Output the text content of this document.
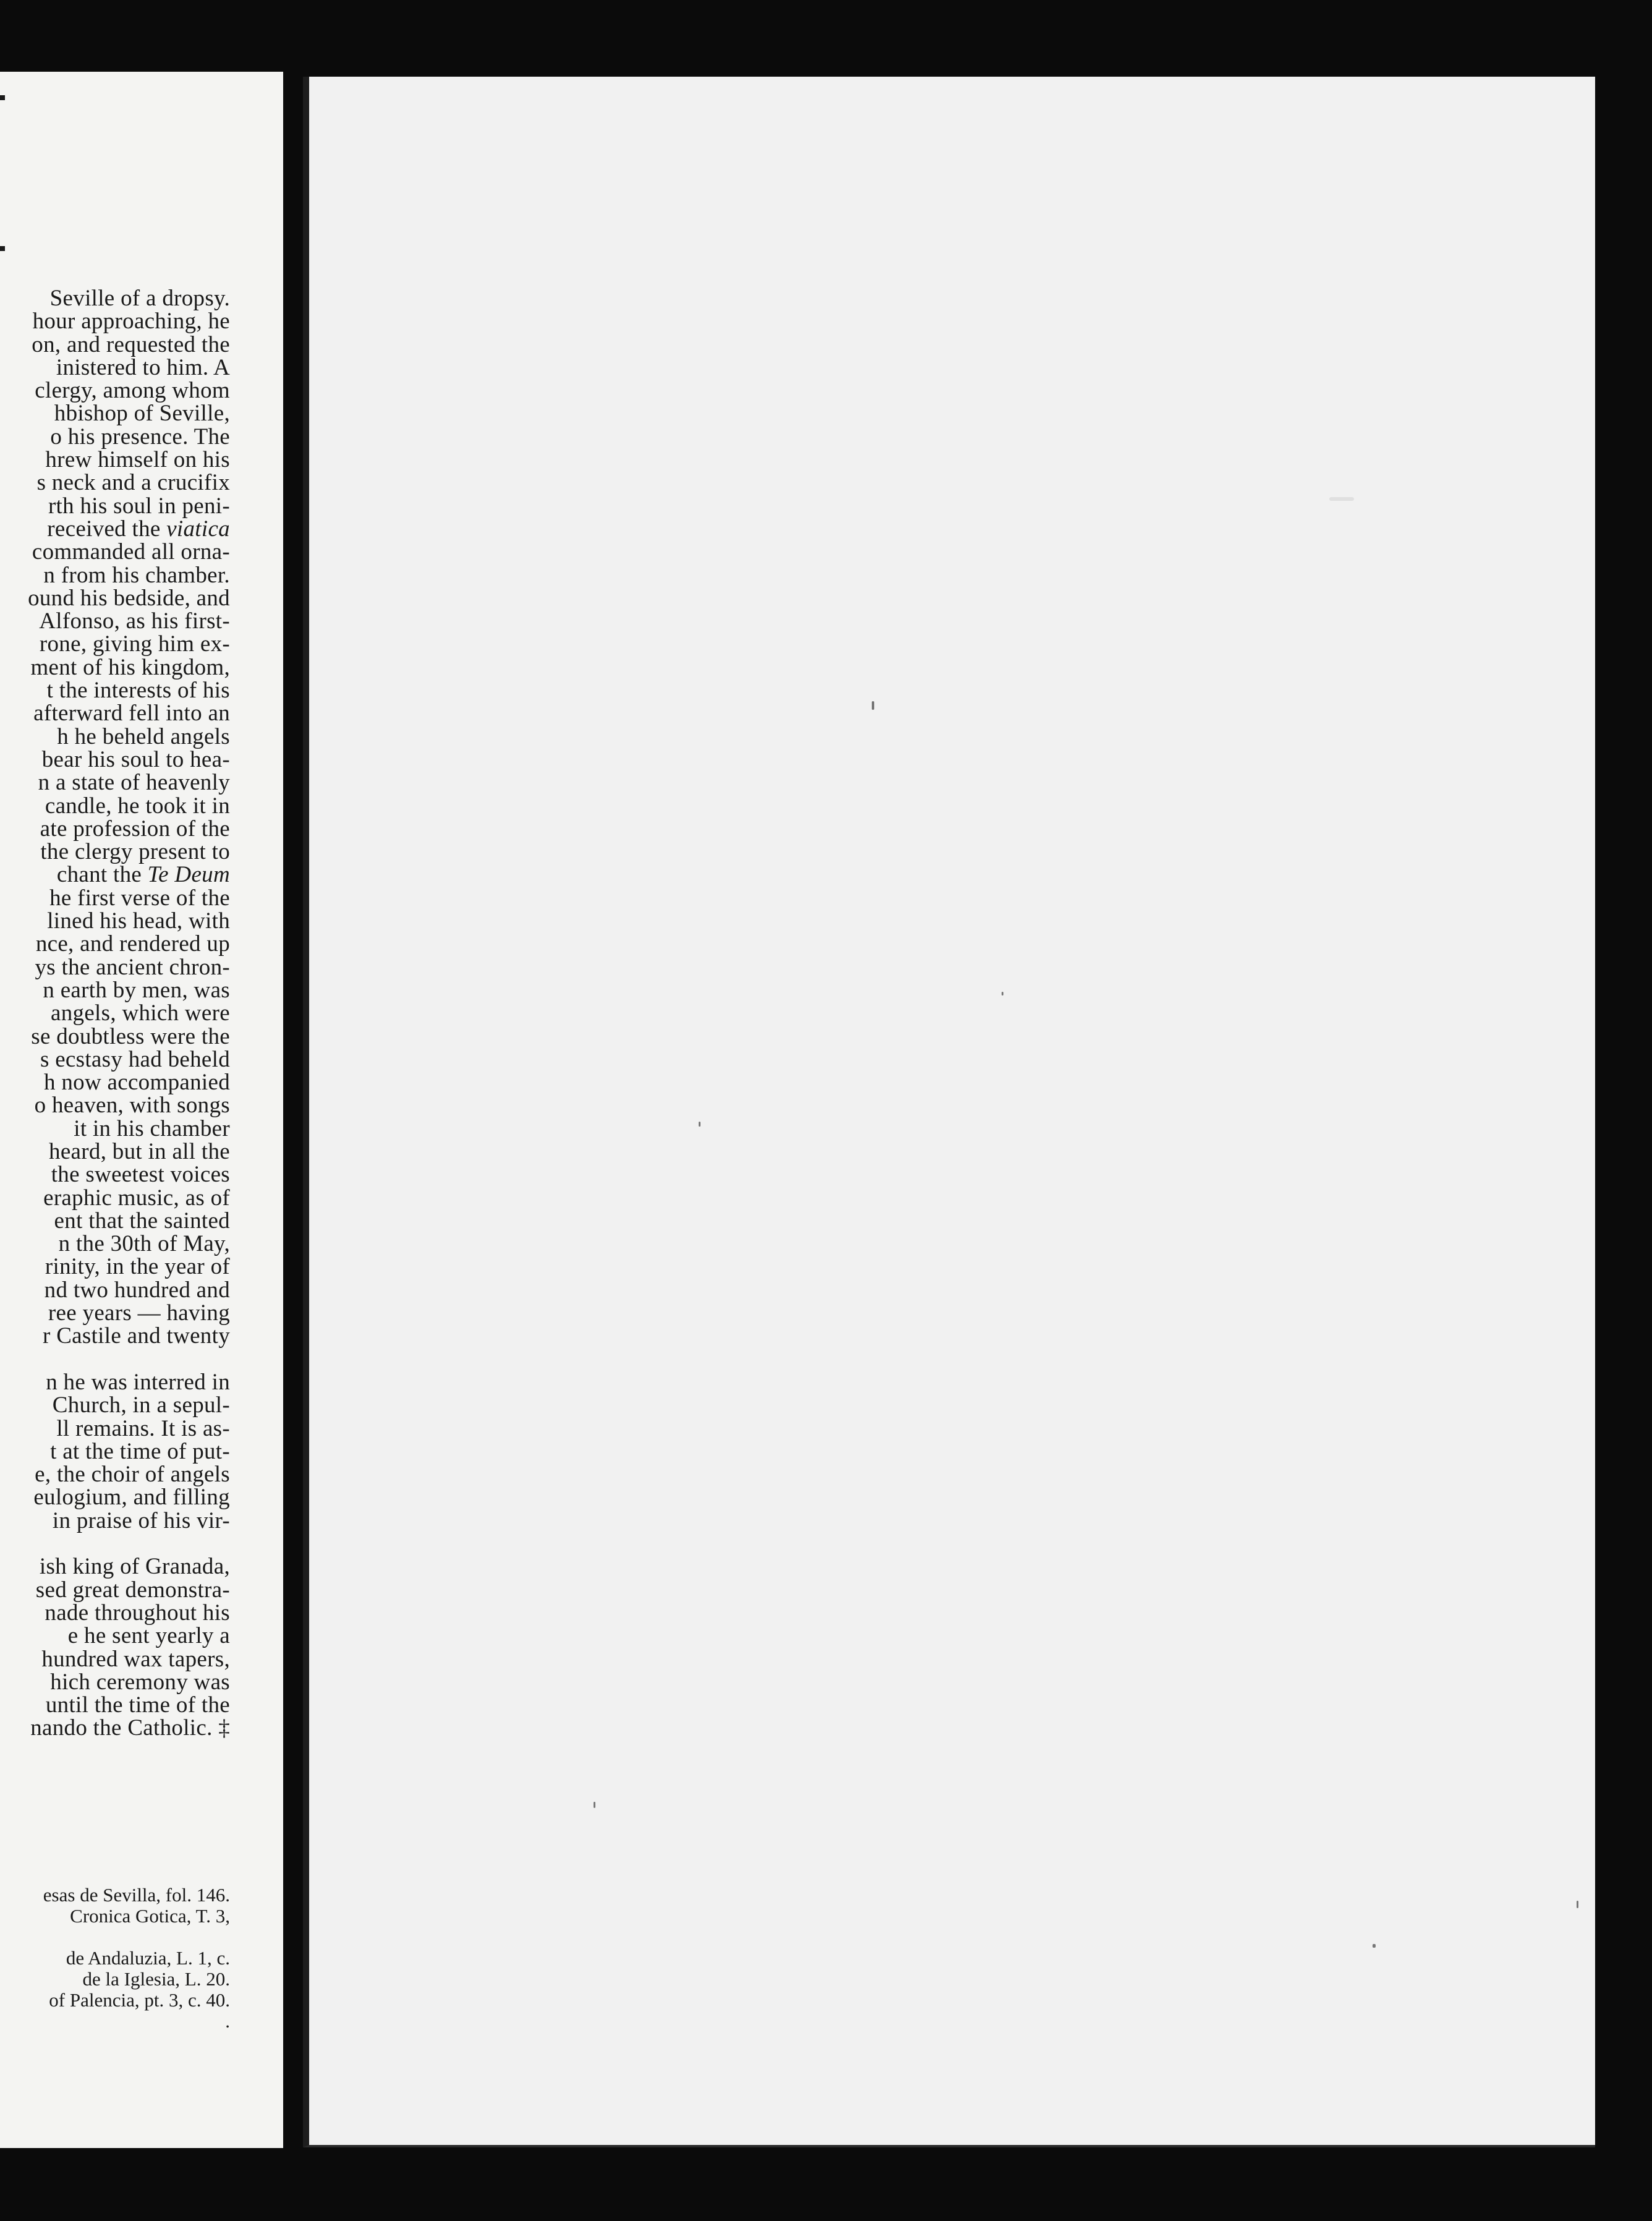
Seville of a dropsy.
hour approaching, he
on, and requested the
inistered to him. A
clergy, among whom
hbishop of Seville,
o his presence. The
hrew himself on his
s neck and a crucifix
rth his soul in peni-
received the viatica
commanded all orna-
n from his chamber.
ound his bedside, and
Alfonso, as his first-
rone, giving him ex-
ment of his kingdom,
t the interests of his
afterward fell into an
h he beheld angels
bear his soul to hea-
n a state of heavenly
candle, he took it in
ate profession of the
the clergy present to
chant the Te Deum
he first verse of the
lined his head, with
nce, and rendered up
ys the ancient chron-
n earth by men, was
angels, which were
se doubtless were the
s ecstasy had beheld
h now accompanied
o heaven, with songs
it in his chamber
heard, but in all the
the sweetest voices
eraphic music, as of
ent that the sainted
n the 30th of May,
rinity, in the year of
nd two hundred and
ree years — having
r Castile and twenty
n he was interred in
Church, in a sepul-
ll remains. It is as-
t at the time of put-
e, the choir of angels
eulogium, and filling
in praise of his vir-
ish king of Granada,
sed great demonstra-
nade throughout his
e he sent yearly a
hundred wax tapers,
hich ceremony was
until the time of the
nando the Catholic. ‡
esas de Sevilla, fol. 146.
Cronica Gotica, T. 3,
de Andaluzia, L. 1, c.
de la Iglesia, L. 20.
of Palencia, pt. 3, c. 40.
.
